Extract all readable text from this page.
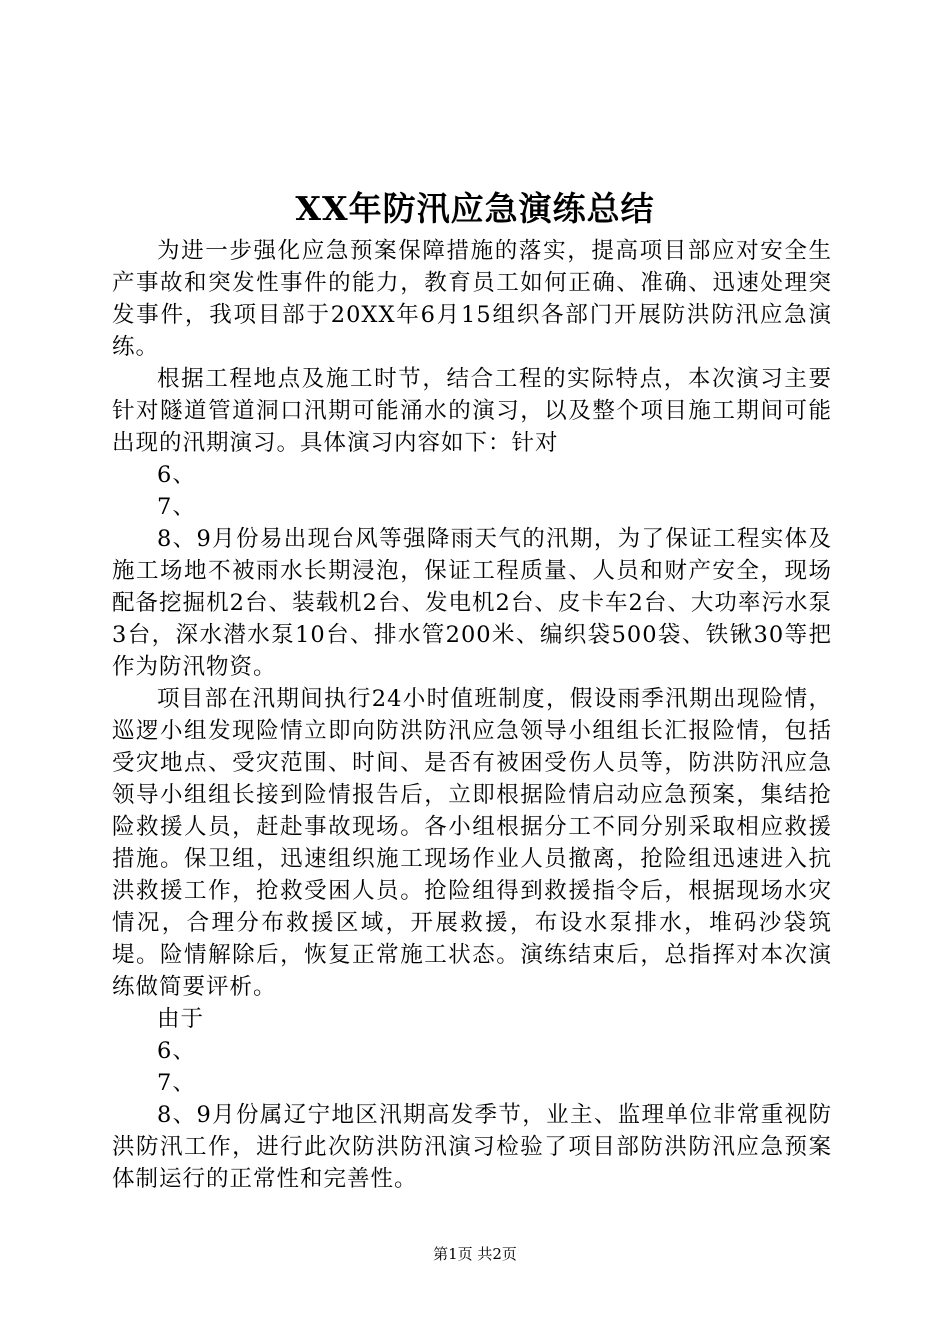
XX年防汛应急演练总结

为进一步强化应急预案保障措施的落实，提高项目部应对安全生产事故和突发性事件的能力，教育员工如何正确、准确、迅速处理突发事件，我项目部于20XX年6月15组织各部门开展防洪防汛应急演练。

根据工程地点及施工时节，结合工程的实际特点，本次演习主要针对隧道管道洞口汛期可能涌水的演习，以及整个项目施工期间可能出现的汛期演习。具体演习内容如下：针对

6、

7、

8、9月份易出现台风等强降雨天气的汛期，为了保证工程实体及施工场地不被雨水长期浸泡，保证工程质量、人员和财产安全，现场配备挖掘机2台、装载机2台、发电机2台、皮卡车2台、大功率污水泵3台，深水潜水泵10台、排水管200米、编织袋500袋、铁锹30等把作为防汛物资。

项目部在汛期间执行24小时值班制度，假设雨季汛期出现险情，巡逻小组发现险情立即向防洪防汛应急领导小组组长汇报险情，包括受灾地点、受灾范围、时间、是否有被困受伤人员等，防洪防汛应急领导小组组长接到险情报告后，立即根据险情启动应急预案，集结抢险救援人员，赶赴事故现场。各小组根据分工不同分别采取相应救援措施。保卫组，迅速组织施工现场作业人员撤离，抢险组迅速进入抗洪救援工作，抢救受困人员。抢险组得到救援指令后，根据现场水灾情况，合理分布救援区域，开展救援，布设水泵排水，堆码沙袋筑堤。险情解除后，恢复正常施工状态。演练结束后，总指挥对本次演练做简要评析。

由于

6、

7、

8、9月份属辽宁地区汛期高发季节，业主、监理单位非常重视防洪防汛工作，进行此次防洪防汛演习检验了项目部防洪防汛应急预案体制运行的正常性和完善性。

第1页 共2页
